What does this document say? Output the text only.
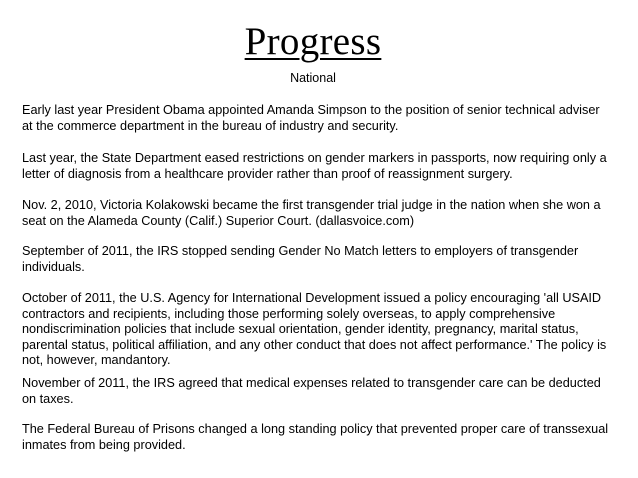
Progress
National

Early last year President Obama appointed Amanda Simpson to the position of senior technical adviser at the commerce department in the bureau of industry and security.

Last year, the State Department eased restrictions on gender markers in passports, now requiring only a letter of diagnosis from a healthcare provider rather than proof of reassignment surgery.

Nov. 2, 2010, Victoria Kolakowski became the first transgender trial judge in the nation when she won a seat on the Alameda County (Calif.) Superior Court. (dallasvoice.com)

September of 2011, the IRS stopped sending Gender No Match letters to employers of transgender individuals.

October of 2011, the U.S. Agency for International Development issued a policy encouraging 'all USAID contractors and recipients, including those performing solely overseas, to apply comprehensive nondiscrimination policies that include sexual orientation, gender identity, pregnancy, marital status, parental status, political affiliation, and any other conduct that does not affect performance.' The policy is not, however, mandantory.

November of 2011, the IRS agreed that medical expenses related to transgender care can be deducted on taxes.

The Federal Bureau of Prisons changed a long standing policy that prevented proper care of transsexual inmates from being provided.
